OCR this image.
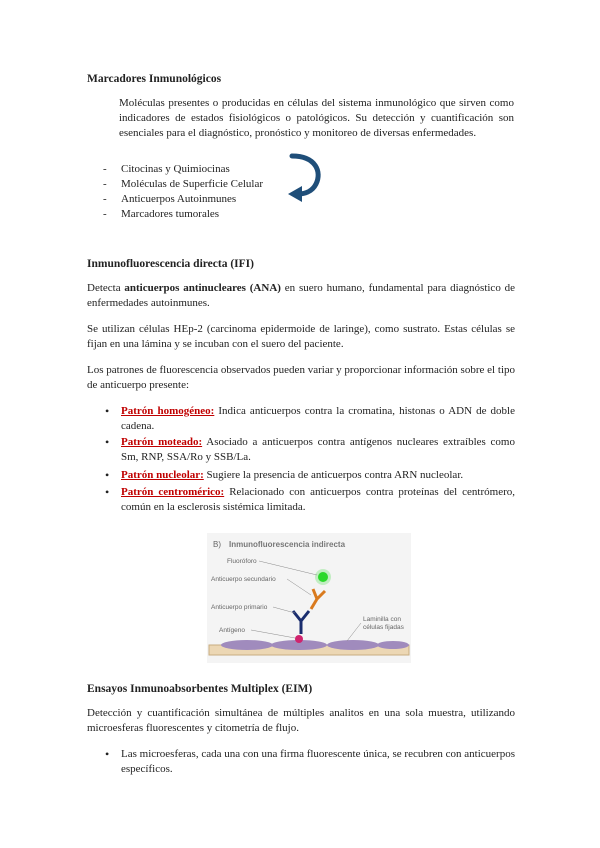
Marcadores Inmunológicos
Moléculas presentes o producidas en células del sistema inmunológico que sirven como indicadores de estados fisiológicos o patológicos. Su detección y cuantificación son esenciales para el diagnóstico, pronóstico y monitoreo de diversas enfermedades.
- Citocinas y Quimiocinas
- Moléculas de Superficie Celular
- Anticuerpos Autoinmunes
- Marcadores tumorales
Inmunofluorescencia directa (IFI)
Detecta anticuerpos antinucleares (ANA) en suero humano, fundamental para diagnóstico de enfermedades autoinmunes.
Se utilizan células HEp-2 (carcinoma epidermoide de laringe), como sustrato. Estas células se fijan en una lámina y se incuban con el suero del paciente.
Los patrones de fluorescencia observados pueden variar y proporcionar información sobre el tipo de anticuerpo presente:
• Patrón homogéneo: Indica anticuerpos contra la cromatina, histonas o ADN de doble cadena.
• Patrón moteado: Asociado a anticuerpos contra antígenos nucleares extraíbles como Sm, RNP, SSA/Ro y SSB/La.
• Patrón nucleolar: Sugiere la presencia de anticuerpos contra ARN nucleolar.
• Patrón centromérico: Relacionado con anticuerpos contra proteínas del centrómero, común en la esclerosis sistémica limitada.
B) Inmunofluorescencia indirecta
Fluoróforo
Anticuerpo secundario
Anticuerpo primario
Antígeno
Laminilla con
células fijadas
Ensayos Inmunoabsorbentes Multiplex (EIM)
Detección y cuantificación simultánea de múltiples analitos en una sola muestra, utilizando microesferas fluorescentes y citometría de flujo.
• Las microesferas, cada una con una firma fluorescente única, se recubren con anticuerpos específicos.
